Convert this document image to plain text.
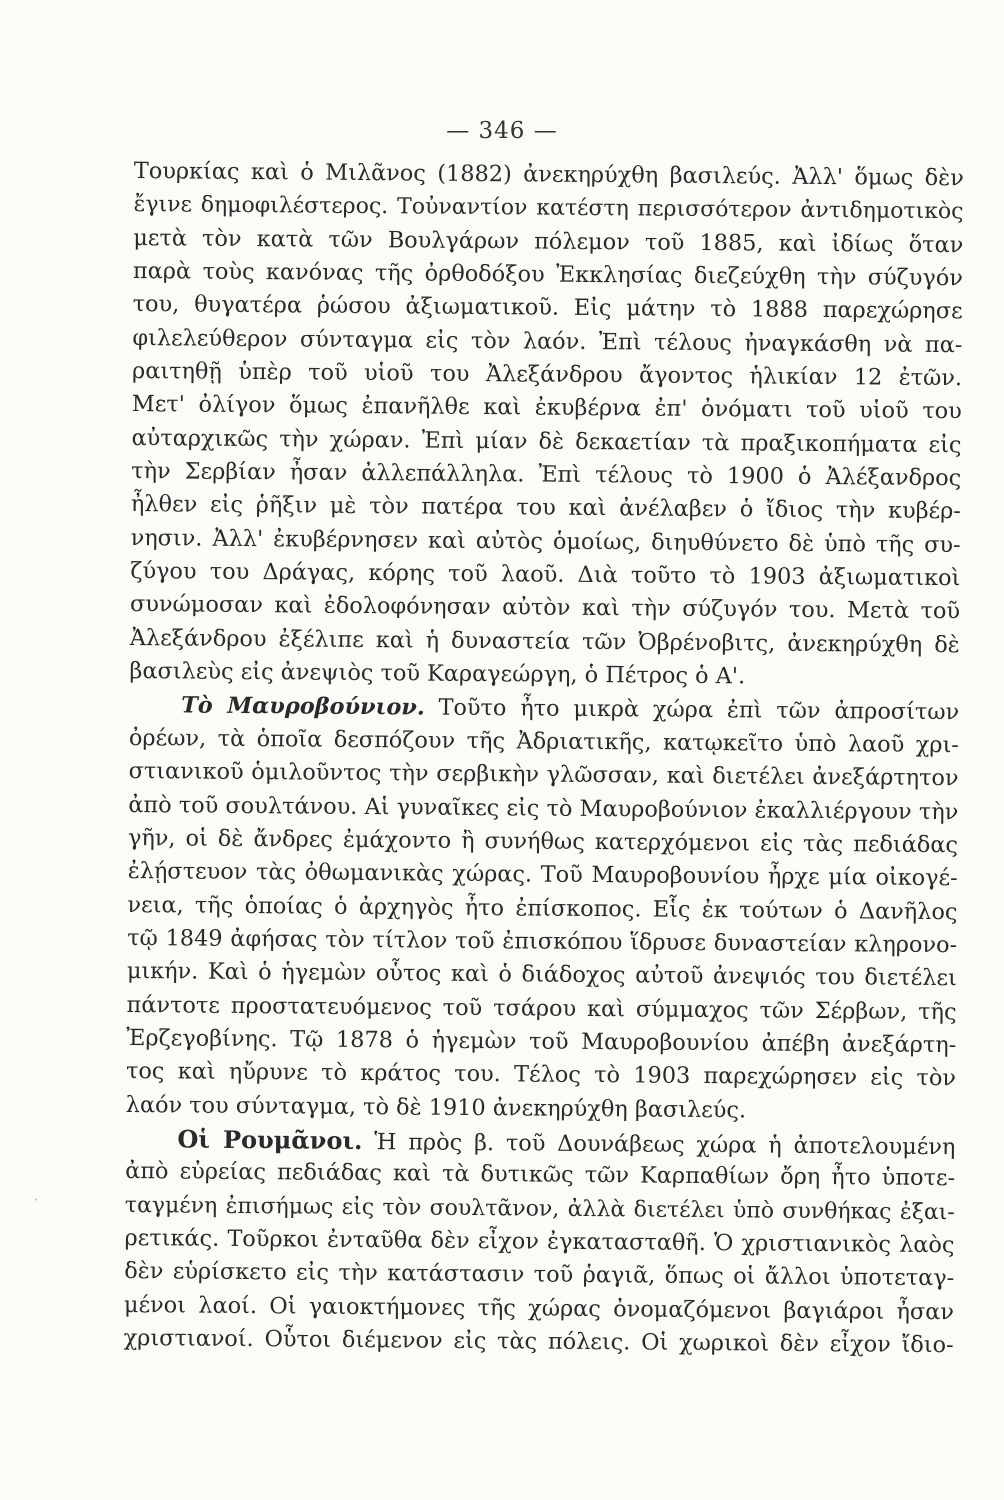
— 346 —
Τουρκίας καὶ ὁ Μιλᾶνος (1882) ἀνεκηρύχθη βασιλεύς. Ἀλλ' ὅμως δὲν
ἔγινε δημοφιλέστερος. Τοὐναντίον κατέστη περισσότερον ἀντιδημοτικὸς
μετὰ τὸν κατὰ τῶν Βουλγάρων πόλεμον τοῦ 1885, καὶ ἰδίως ὅταν
παρὰ τοὺς κανόνας τῆς ὀρθοδόξου Ἐκκλησίας διεζεύχθη τὴν σύζυγόν
του, θυγατέρα ῥώσου ἀξιωματικοῦ. Εἰς μάτην τὸ 1888 παρεχώρησε
φιλελεύθερον σύνταγμα εἰς τὸν λαόν. Ἐπὶ τέλους ἠναγκάσθη νὰ πα-
ραιτηθῇ ὑπὲρ τοῦ υἱοῦ του Ἀλεξάνδρου ἄγοντος ἡλικίαν 12 ἐτῶν.
Μετ' ὀλίγον ὅμως ἐπανῆλθε καὶ ἐκυβέρνα ἐπ' ὀνόματι τοῦ υἱοῦ του
αὐταρχικῶς τὴν χώραν. Ἐπὶ μίαν δὲ δεκαετίαν τὰ πραξικοπήματα εἰς
τὴν Σερβίαν ἦσαν ἀλλεπάλληλα. Ἐπὶ τέλους τὸ 1900 ὁ Ἀλέξανδρος
ἦλθεν εἰς ῥῆξιν μὲ τὸν πατέρα του καὶ ἀνέλαβεν ὁ ἴδιος τὴν κυβέρ-
νησιν. Ἀλλ' ἐκυβέρνησεν καὶ αὐτὸς ὁμοίως, διηυθύνετο δὲ ὑπὸ τῆς συ-
ζύγου του Δράγας, κόρης τοῦ λαοῦ. Διὰ τοῦτο τὸ 1903 ἀξιωματικοὶ
συνώμοσαν καὶ ἐδολοφόνησαν αὐτὸν καὶ τὴν σύζυγόν του. Μετὰ τοῦ
Ἀλεξάνδρου ἐξέλιπε καὶ ἡ δυναστεία τῶν Ὀβρένοβιτς, ἀνεκηρύχθη δὲ
βασιλεὺς εἰς ἀνεψιὸς τοῦ Καραγεώργη, ὁ Πέτρος ὁ Α'.
Τὸ Μαυροβούνιον. Τοῦτο ἦτο μικρὰ χώρα ἐπὶ τῶν ἀπροσίτων
ὀρέων, τὰ ὁποῖα δεσπόζουν τῆς Ἀδριατικῆς, κατῳκεῖτο ὑπὸ λαοῦ χρι-
στιανικοῦ ὁμιλοῦντος τὴν σερβικὴν γλῶσσαν, καὶ διετέλει ἀνεξάρτητον
ἀπὸ τοῦ σουλτάνου. Αἱ γυναῖκες εἰς τὸ Μαυροβούνιον ἐκαλλιέργουν τὴν
γῆν, οἱ δὲ ἄνδρες ἐμάχοντο ἢ συνήθως κατερχόμενοι εἰς τὰς πεδιάδας
ἐλῄστευον τὰς ὀθωμανικὰς χώρας. Τοῦ Μαυροβουνίου ἦρχε μία οἰκογέ-
νεια, τῆς ὁποίας ὁ ἀρχηγὸς ἦτο ἐπίσκοπος. Εἷς ἐκ τούτων ὁ Δανῆλος
τῷ 1849 ἀφήσας τὸν τίτλον τοῦ ἐπισκόπου ἵδρυσε δυναστείαν κληρονο-
μικήν. Καὶ ὁ ἡγεμὼν οὗτος καὶ ὁ διάδοχος αὐτοῦ ἀνεψιός του διετέλει
πάντοτε προστατευόμενος τοῦ τσάρου καὶ σύμμαχος τῶν Σέρβων, τῆς
Ἐρζεγοβίνης. Τῷ 1878 ὁ ἡγεμὼν τοῦ Μαυροβουνίου ἀπέβη ἀνεξάρτη-
τος καὶ ηὔρυνε τὸ κράτος του. Τέλος τὸ 1903 παρεχώρησεν εἰς τὸν
λαόν του σύνταγμα, τὸ δὲ 1910 ἀνεκηρύχθη βασιλεύς.
Οἱ Ρουμᾶνοι. Ἡ πρὸς β. τοῦ Δουνάβεως χώρα ἡ ἀποτελουμένη
ἀπὸ εὐρείας πεδιάδας καὶ τὰ δυτικῶς τῶν Καρπαθίων ὄρη ἦτο ὑποτε-
ταγμένη ἐπισήμως εἰς τὸν σουλτᾶνον, ἀλλὰ διετέλει ὑπὸ συνθήκας ἐξαι-
ρετικάς. Τοῦρκοι ἐνταῦθα δὲν εἶχον ἐγκατασταθῆ. Ὁ χριστιανικὸς λαὸς
δὲν εὑρίσκετο εἰς τὴν κατάστασιν τοῦ ῥαγιᾶ, ὅπως οἱ ἄλλοι ὑποτεταγ-
μένοι λαοί. Οἱ γαιοκτήμονες τῆς χώρας ὀνομαζόμενοι βαγιάροι ἦσαν
χριστιανοί. Οὗτοι διέμενον εἰς τὰς πόλεις. Οἱ χωρικοὶ δὲν εἶχον ἴδιο-
·
